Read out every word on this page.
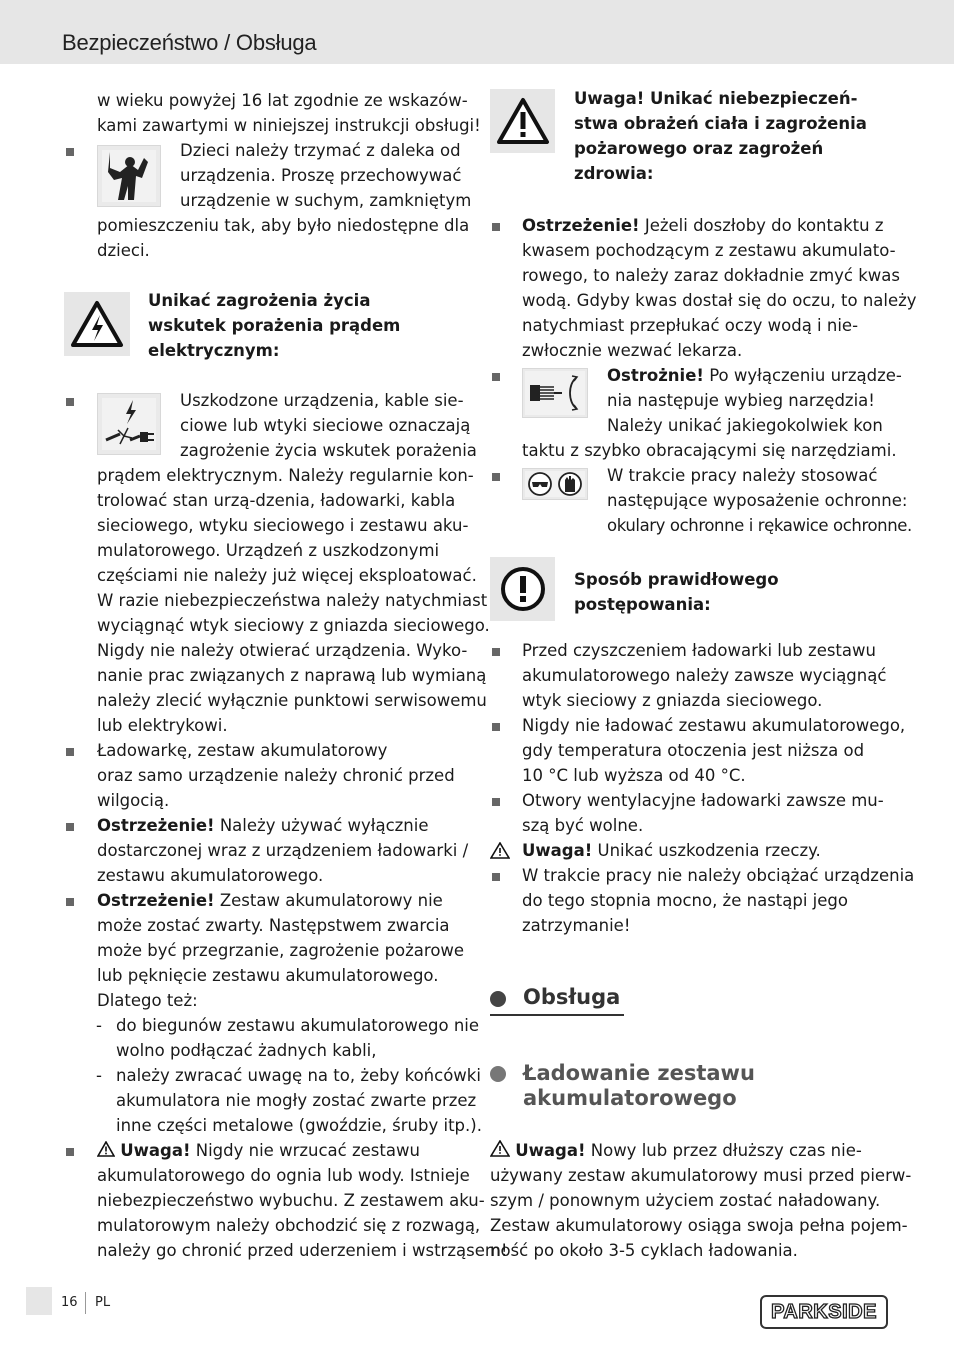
Bezpieczeństwo / Obsługa
w wieku powyżej 16 lat zgodnie ze wskazów-
kami zawartymi w niniejszej instrukcji obsługi!
Dzieci należy trzymać z daleka od
urządzenia. Proszę przechowywać
urządzenie w suchym, zamkniętym
pomieszczeniu tak, aby było niedostępne dla
dzieci.
Unikać zagrożenia życia
wskutek porażenia prądem
elektrycznym:
Uszkodzone urządzenia, kable sie-
ciowe lub wtyki sieciowe oznaczają
zagrożenie życia wskutek porażenia
prądem elektrycznym. Należy regularnie kon-
trolować stan urzą-dzenia, ładowarki, kabla
sieciowego, wtyku sieciowego i zestawu aku-
mulatorowego. Urządzeń z uszkodzonymi
częściami nie należy już więcej eksploatować.
W razie niebezpieczeństwa należy natychmiast
wyciągnąć wtyk sieciowy z gniazda sieciowego.
Nigdy nie należy otwierać urządzenia. Wyko-
nanie prac związanych z naprawą lub wymianą
należy zlecić wyłącznie punktowi serwisowemu
lub elektrykowi.
Ładowarkę, zestaw akumulatorowy
oraz samo urządzenie należy chronić przed
wilgocią.
Ostrzeżenie! Należy używać wyłącznie
dostarczonej wraz z urządzeniem ładowarki /
zestawu akumulatorowego.
Ostrzeżenie! Zestaw akumulatorowy nie
może zostać zwarty. Następstwem zwarcia
może być przegrzanie, zagrożenie pożarowe
lub pęknięcie zestawu akumulatorowego.
Dlatego też:
- do biegunów zestawu akumulatorowego nie
wolno podłączać żadnych kabli,
- należy zwracać uwagę na to, żeby końcówki
akumulatora nie mogły zostać zwarte przez
inne części metalowe (gwoździe, śruby itp.).
Uwaga! Nigdy nie wrzucać zestawu
akumulatorowego do ognia lub wody. Istnieje
niebezpieczeństwo wybuchu. Z zestawem aku-
mulatorowym należy obchodzić się z rozwagą,
należy go chronić przed uderzeniem i wstrząsem!
Uwaga! Unikać niebezpieczeń-
stwa obrażeń ciała i zagrożenia
pożarowego oraz zagrożeń
zdrowia:
Ostrzeżenie! Jeżeli doszłoby do kontaktu z
kwasem pochodzącym z zestawu akumulato-
rowego, to należy zaraz dokładnie zmyć kwas
wodą. Gdyby kwas dostał się do oczu, to należy
natychmiast przepłukać oczy wodą i nie-
zwłocznie wezwać lekarza.
Ostrożnie! Po wyłączeniu urządze-
nia następuje wybieg narzędzia!
Należy unikać jakiegokolwiek kon
taktu z szybko obracającymi się narzędziami.
W trakcie pracy należy stosować
następujące wyposażenie ochronne:
okulary ochronne i rękawice ochronne.
Sposób prawidłowego
postępowania:
Przed czyszczeniem ładowarki lub zestawu
akumulatorowego należy zawsze wyciągnąć
wtyk sieciowy z gniazda sieciowego.
Nigdy nie ładować zestawu akumulatorowego,
gdy temperatura otoczenia jest niższa od
10 °C lub wyższa od 40 °C.
Otwory wentylacyjne ładowarki zawsze mu-
szą być wolne.
Uwaga! Unikać uszkodzenia rzeczy.
W trakcie pracy nie należy obciążać urządzenia
do tego stopnia mocno, że nastąpi jego
zatrzymanie!
Obsługa
Ładowanie zestawu
akumulatorowego
Uwaga! Nowy lub przez dłuższy czas nie-
używany zestaw akumulatorowy musi przed pierw-
szym / ponownym użyciem zostać naładowany.
Zestaw akumulatorowy osiąga swoja pełna pojem-
ność po około 3-5 cyklach ładowania.
16 PL	PARKSIDE
